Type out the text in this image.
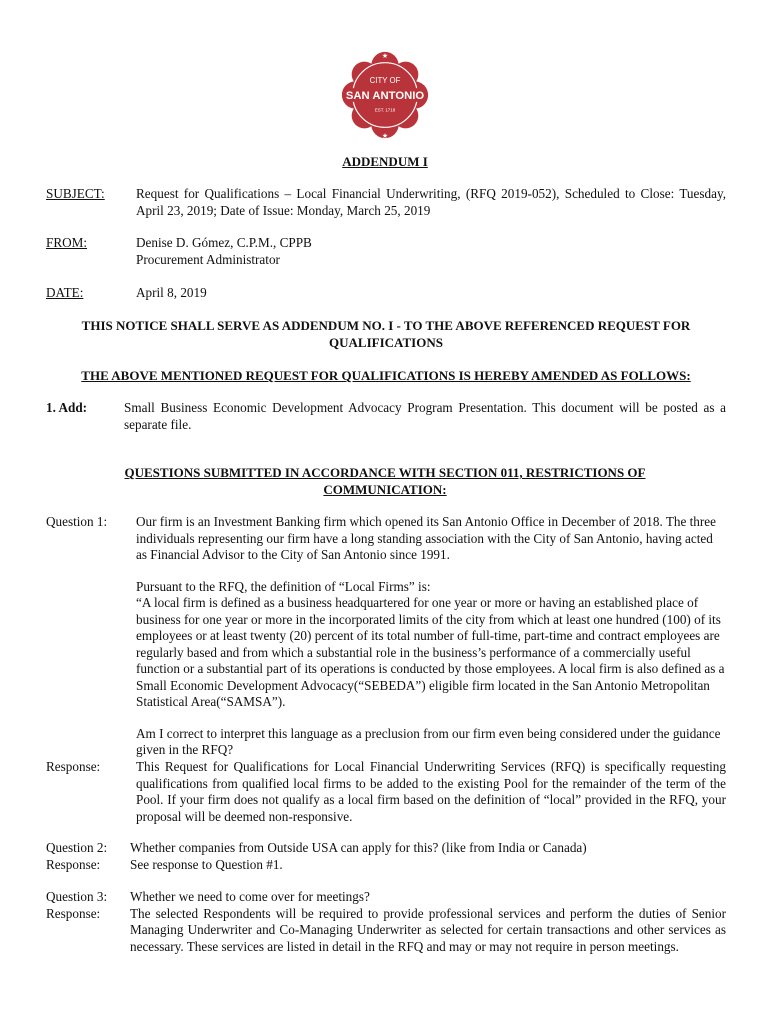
★
★
CITY OF
SAN ANTONIO
EST. 1718
ADDENDUM I
SUBJECT: Request for Qualifications – Local Financial Underwriting, (RFQ 2019-052), Scheduled to Close: Tuesday, April 23, 2019; Date of Issue: Monday, March 25, 2019
FROM:	Denise D. Gómez, C.P.M., CPPB

Procurement Administrator

DATE:	April 8, 2019
THIS NOTICE SHALL SERVE AS ADDENDUM NO. I - TO THE ABOVE REFERENCED REQUEST FOR QUALIFICATIONS
THE ABOVE MENTIONED REQUEST FOR QUALIFICATIONS IS HEREBY AMENDED AS FOLLOWS:
1. Add:	Small Business Economic Development Advocacy Program Presentation. This document will be posted as a separate file.
QUESTIONS SUBMITTED IN ACCORDANCE WITH SECTION 011, RESTRICTIONS OF COMMUNICATION:
Question 1: Our firm is an Investment Banking firm which opened its San Antonio Office in December of 2018. The three individuals representing our firm have a long standing association with the City of San Antonio, having acted as Financial Advisor to the City of San Antonio since 1991.

Pursuant to the RFQ, the definition of “Local Firms” is:

“A local firm is defined as a business headquartered for one year or more or having an established place of business for one year or more in the incorporated limits of the city from which at least one hundred (100) of its employees or at least twenty (20) percent of its total number of full-time, part-time and contract employees are regularly based and from which a substantial role in the business’s performance of a commercially useful function or a substantial part of its operations is conducted by those employees. A local firm is also defined as a Small Economic Development Advocacy(“SEBEDA”) eligible firm located in the San Antonio Metropolitan Statistical Area(“SAMSA”).

Am I correct to interpret this language as a preclusion from our firm even being considered under the guidance given in the RFQ?

Response:	This Request for Qualifications for Local Financial Underwriting Services (RFQ) is specifically requesting qualifications from qualified local firms to be added to the existing Pool for the remainder of the term of the Pool. If your firm does not qualify as a local firm based on the definition of “local” provided in the RFQ, your proposal will be deemed non-responsive.
Question 2: Whether companies from Outside USA can apply for this? (like from India or Canada)
Response: See response to Question #1.
Question 3: Whether we need to come over for meetings?
Response: The selected Respondents will be required to provide professional services and perform the duties of Senior Managing Underwriter and Co-Managing Underwriter as selected for certain transactions and other services as necessary. These services are listed in detail in the RFQ and may or may not require in person meetings.
